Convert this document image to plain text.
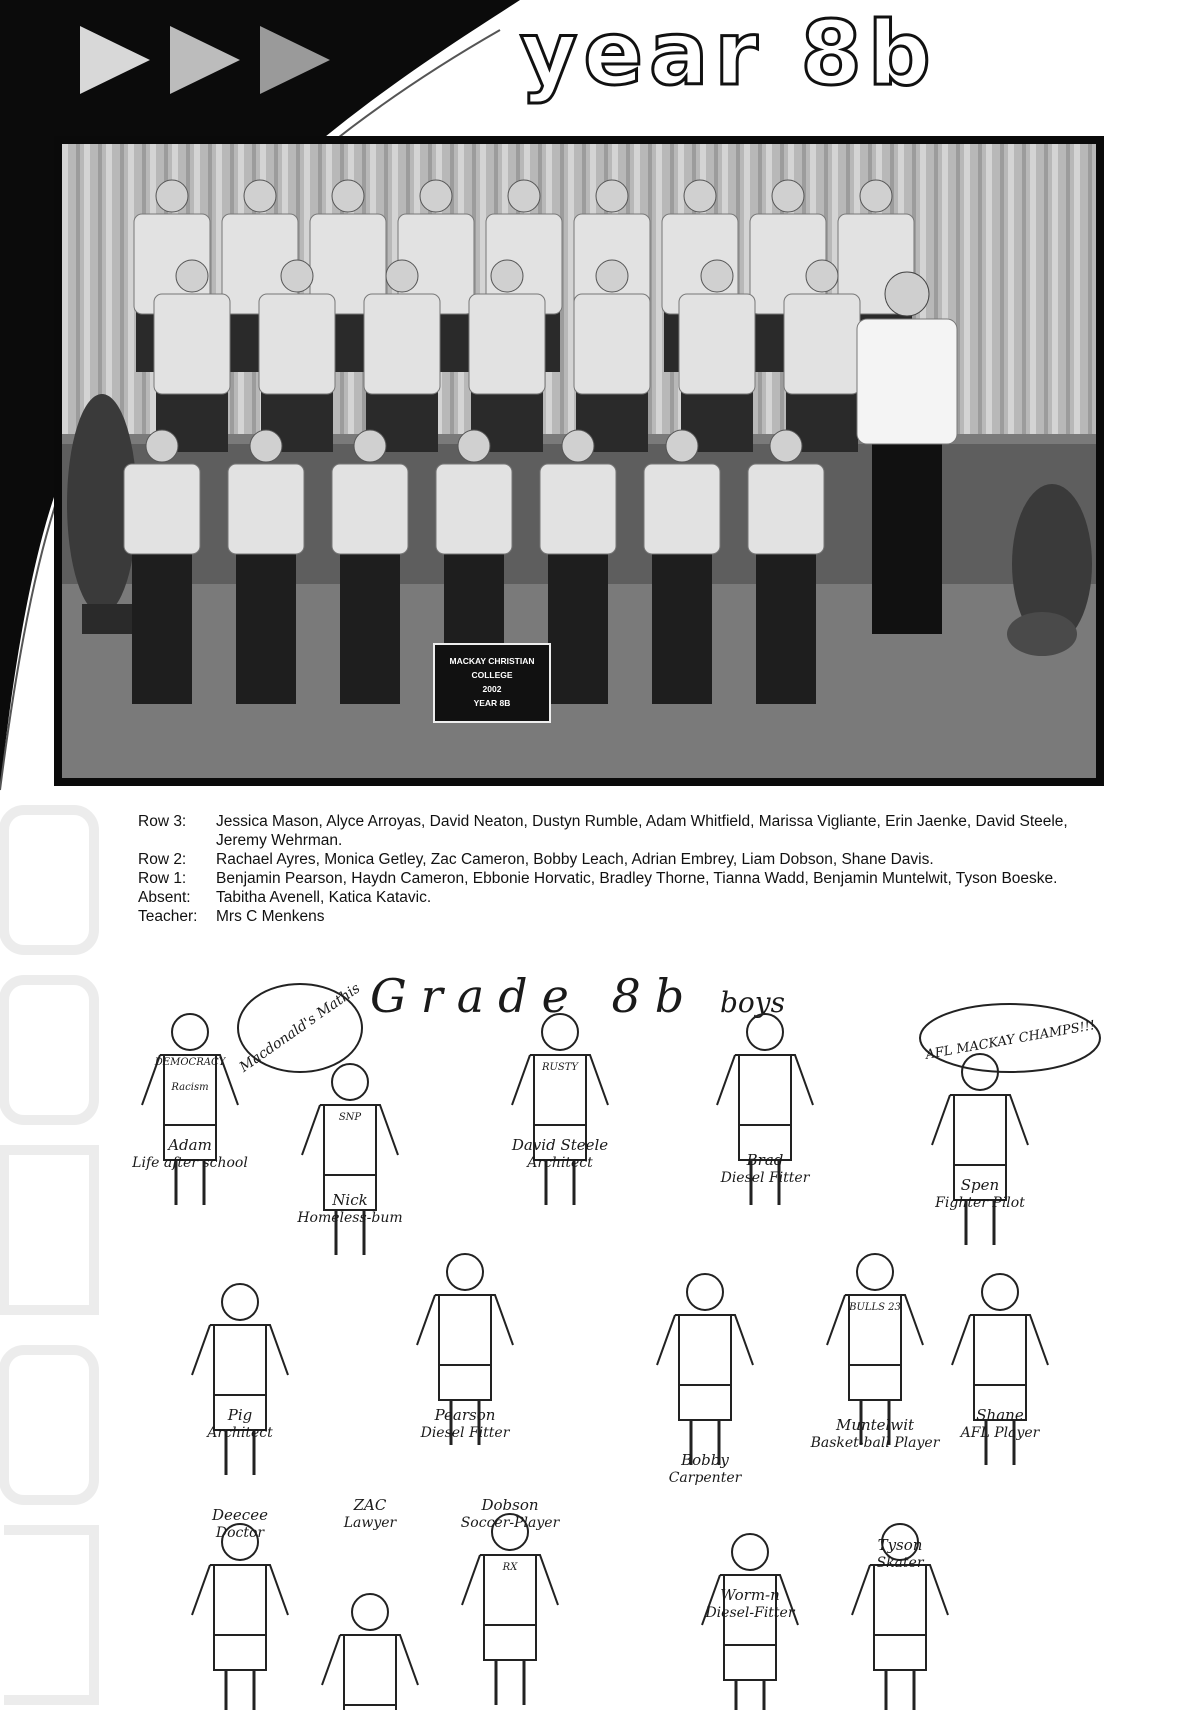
year 8b
MACKAY CHRISTIAN
COLLEGE
2002
YEAR 8B
Row 3:	Jessica Mason, Alyce Arroyas, David Neaton, Dustyn Rumble, Adam Whitfield, Marissa Vigliante, Erin Jaenke, David Steele, Jeremy Wehrman.
Row 2:	Rachael Ayres, Monica Getley, Zac Cameron, Bobby Leach, Adrian Embrey, Liam Dobson, Shane Davis.
Row 1:	Benjamin Pearson, Haydn Cameron, Ebbonie Horvatic, Bradley Thorne, Tianna Wadd, Benjamin Muntelwit, Tyson Boeske.
Absent:	Tabitha Avenell, Katica Katavic.
Teacher:	Mrs C Menkens
Grade 8b boys
Macdonald's Mathis	AFL MACKAY CHAMPS!!!
Adam
Life after school
Nick
Homeless-bum
David Steele
Architect	Brad
Diesel Fitter	Spen
Fighter Pilot
Pig
Architect
Pearson
Diesel Fitter
Bobby
Carpenter
Muntelwit
Basket-ball Player
Shane
AFL Player
Deecee
Doctor
ZAC
Lawyer
Dobson
Soccer-Player
Worm-n
Diesel-Fitter
Tyson
Skater
DEMOCRACY
Racism
SNP
RUSTY
BULLS 23
RX
